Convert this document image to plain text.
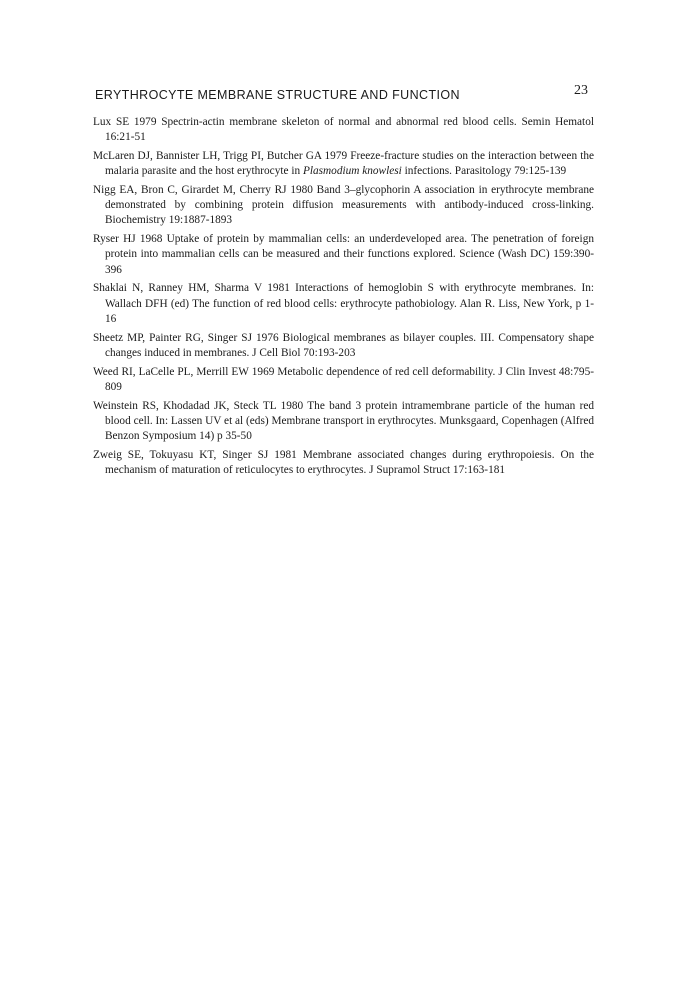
ERYTHROCYTE MEMBRANE STRUCTURE AND FUNCTION	23
Lux SE 1979 Spectrin-actin membrane skeleton of normal and abnormal red blood cells. Semin Hematol 16:21-51
McLaren DJ, Bannister LH, Trigg PI, Butcher GA 1979 Freeze-fracture studies on the interaction between the malaria parasite and the host erythrocyte in Plasmodium knowlesi infections. Parasitology 79:125-139
Nigg EA, Bron C, Girardet M, Cherry RJ 1980 Band 3–glycophorin A association in erythrocyte membrane demonstrated by combining protein diffusion measurements with antibody-induced cross-linking. Biochemistry 19:1887-1893
Ryser HJ 1968 Uptake of protein by mammalian cells: an underdeveloped area. The penetration of foreign protein into mammalian cells can be measured and their functions explored. Science (Wash DC) 159:390-396
Shaklai N, Ranney HM, Sharma V 1981 Interactions of hemoglobin S with erythrocyte membranes. In: Wallach DFH (ed) The function of red blood cells: erythrocyte pathobiology. Alan R. Liss, New York, p 1-16
Sheetz MP, Painter RG, Singer SJ 1976 Biological membranes as bilayer couples. III. Compensatory shape changes induced in membranes. J Cell Biol 70:193-203
Weed RI, LaCelle PL, Merrill EW 1969 Metabolic dependence of red cell deformability. J Clin Invest 48:795-809
Weinstein RS, Khodadad JK, Steck TL 1980 The band 3 protein intramembrane particle of the human red blood cell. In: Lassen UV et al (eds) Membrane transport in erythrocytes. Munksgaard, Copenhagen (Alfred Benzon Symposium 14) p 35-50
Zweig SE, Tokuyasu KT, Singer SJ 1981 Membrane associated changes during erythropoiesis. On the mechanism of maturation of reticulocytes to erythrocytes. J Supramol Struct 17:163-181
